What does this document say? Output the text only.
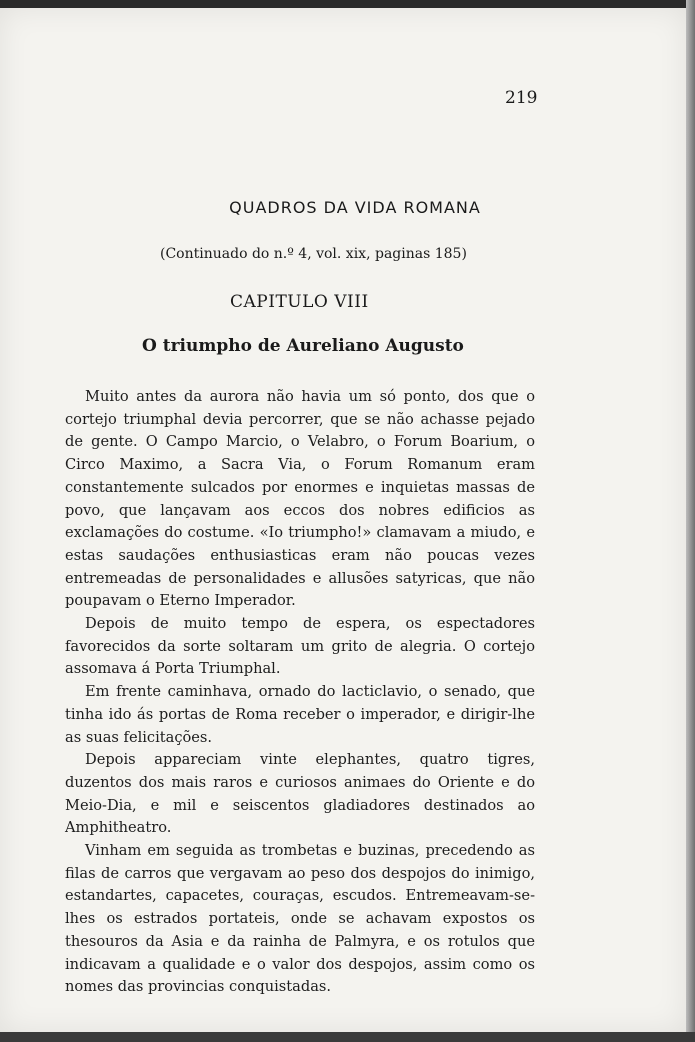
219
QUADROS DA VIDA ROMANA
(Continuado do n.º 4, vol. xix, paginas 185)
CAPITULO VIII
O triumpho de Aureliano Augusto

Muito antes da aurora não havia um só ponto, dos que o cortejo triumphal devia percorrer, que se não achasse pejado de gente. O Campo Marcio, o Velabro, o Forum Boarium, o Circo Maximo, a Sacra Via, o Forum Romanum eram constantemente sulcados por enormes e inquietas massas de povo, que lançavam aos eccos dos nobres edificios as exclamações do costume. «Io triumpho!» clamavam a miudo, e estas saudações enthusiasticas eram não poucas vezes entremeadas de personalidades e allusões satyricas, que não poupavam o Eterno Imperador.

Depois de muito tempo de espera, os espectadores favorecidos da sorte soltaram um grito de alegria. O cortejo assomava á Porta Triumphal.

Em frente caminhava, ornado do lacticlavio, o senado, que tinha ido ás portas de Roma receber o imperador, e dirigir-lhe as suas felicitações.

Depois appareciam vinte elephantes, quatro tigres, duzentos dos mais raros e curiosos animaes do Oriente e do Meio-Dia, e mil e seiscentos gladiadores destinados ao Amphitheatro.

Vinham em seguida as trombetas e buzinas, precedendo as filas de carros que vergavam ao peso dos despojos do inimigo, estandartes, capacetes, couraças, escudos. Entremeavam-se-lhes os estrados portateis, onde se achavam expostos os thesouros da Asia e da rainha de Palmyra, e os rotulos que indicavam a qualidade e o valor dos despojos, assim como os nomes das provincias conquistadas.
